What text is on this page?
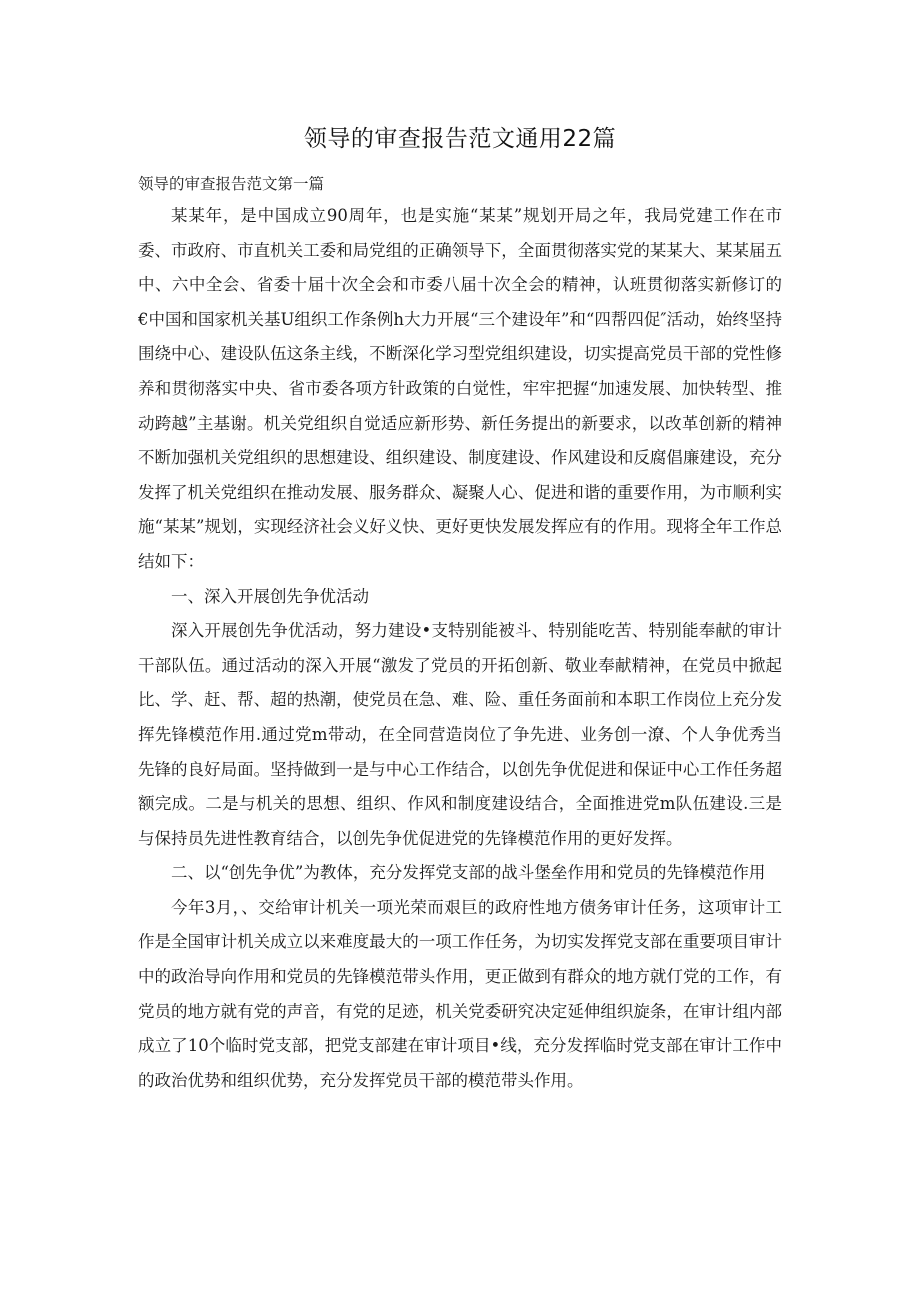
领导的审查报告范文通用22篇
领导的审查报告范文第一篇

某某年，是中国成立90周年，也是实施“某某”规划开局之年，我局党建工作在市委、市政府、市直机关工委和局党组的正确领导下，全面贯彻落实党的某某大、某某届五中、六中全会、省委十届十次全会和市委八届十次全会的精神，认班贯彻落实新修订的€中国和国家机关基U组织工作条例h大力开展“三个建设年”和“四帮四促″活动，始终坚持围绕中心、建设队伍这条主线，不断深化学习型党组织建设，切实提高党员干部的党性修养和贯彻落实中央、省市委各项方针政策的白觉性，牢牢把握“加速发展、加快转型、推动跨越”主基谢。机关党组织自觉适应新形势、新任务提出的新要求，以改革创新的精神不断加强机关党组织的思想建设、组织建设、制度建设、作风建设和反腐倡廉建设，充分发挥了机关党组织在推动发展、服务群众、凝聚人心、促进和谐的重要作用，为市顺利实施“某某”规划，实现经济社会义好义快、更好更快发展发挥应有的作用。现将全年工作总结如下：

一、深入开展创先争优活动

深入开展创先争优活动，努力建设•支特别能被斗、特别能吃苦、特别能奉献的审计干部队伍。通过活动的深入开展“激发了党员的开拓创新、敬业奉献精神，在党员中掀起比、学、赶、帮、超的热潮，使党员在急、难、险、重任务面前和本职工作岗位上充分发挥先锋模范作用.通过党m带动，在全同营造岗位了争先进、业务创一潦、个人争优秀当先锋的良好局面。坚持做到一是与中心工作结合，以创先争优促进和保证中心工作任务超额完成。二是与机关的思想、组织、作风和制度建设结合，全面推进党m队伍建设.三是与保持员先进性教育结合，以创先争优促进党的先锋模范作用的更好发挥。

二、以“创先争优”为教体，充分发挥党支部的战斗堡垒作用和党员的先锋模范作用

今年3月，、交给审计机关一项光荣而艰巨的政府性地方债务审计任务，这项审计工作是全国审计机关成立以来难度最大的一项工作任务，为切实发挥党支部在重要项目审计中的政治导向作用和党员的先锋模范带头作用，更正做到有群众的地方就仃党的工作，有党员的地方就有党的声音，有党的足迹，机关党委研究决定延伸组织旋条，在审计组内部成立了10个临时党支部，把党支部建在审计项目•线，充分发挥临时党支部在审计工作中的政治优势和组织优势，充分发挥党员干部的模范带头作用。
